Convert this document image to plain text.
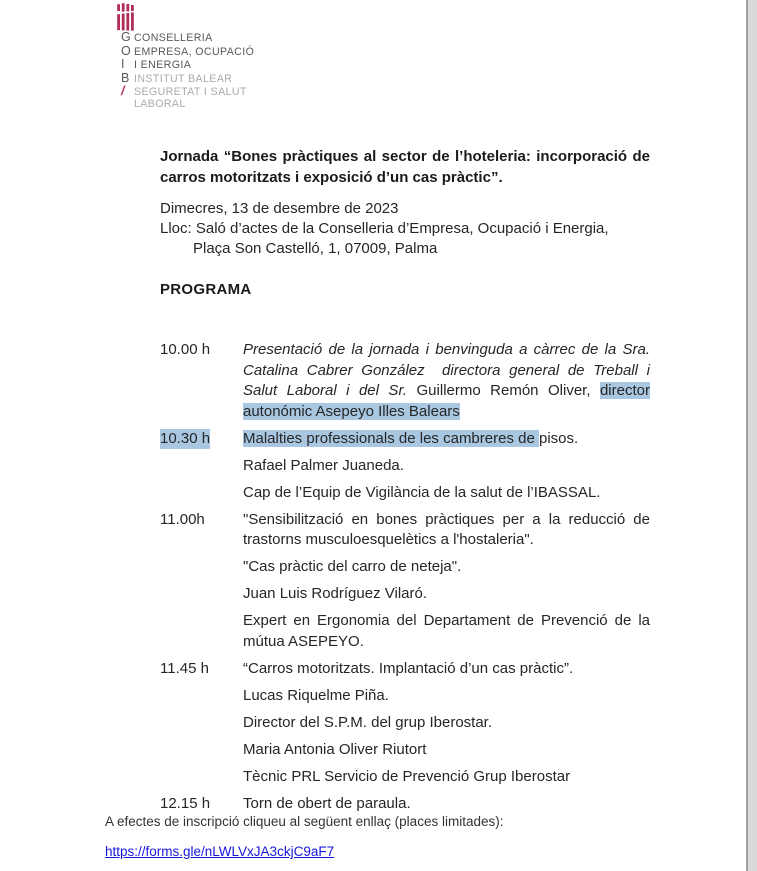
G CONSELLERIA
O EMPRESA, OCUPACIÓ
I I ENERGIA
B INSTITUT BALEAR
/ SEGURETAT I SALUT
LABORAL

Jornada “Bones pràctiques al sector de l’hoteleria: incorporació de carros motoritzats i exposició d’un cas pràctic”.

Dimecres, 13 de desembre de 2023

Lloc: Saló d’actes de la Conselleria d’Empresa, Ocupació i Energia,

Plaça Son Castelló, 1, 07009, Palma

PROGRAMA

10.00 h Presentació de la jornada i benvinguda a càrrec de la Sra. Catalina Cabrer González  directora general de Treball i Salut Laboral i del Sr. Guillermo Remón Oliver, director autonómic Asepeyo Illes Balears

10.30 h Malalties professionals de les cambreres de pisos.

Rafael Palmer Juaneda.

Cap de l’Equip de Vigilància de la salut de l’IBASSAL.

11.00h	"Sensibilització en bones pràctiques per a la reducció de trastorns musculoesquelètics a l'hostaleria".

"Cas pràctic del carro de neteja".

Juan Luis Rodríguez Vilaró.

Expert en Ergonomia del Departament de Prevenció de la mútua ASEPEYO.

11.45 h “Carros motoritzats. Implantació d’un cas pràctic”.

Lucas Riquelme Piña.

Director del S.P.M. del grup Iberostar.

Maria Antonia Oliver Riutort

Tècnic PRL Servicio de Prevenció Grup Iberostar

12.15 h Torn de obert de paraula.

A efectes de inscripció cliqueu al següent enllaç (places limitades):

https://forms.gle/nLWLVxJA3ckjC9aF7
